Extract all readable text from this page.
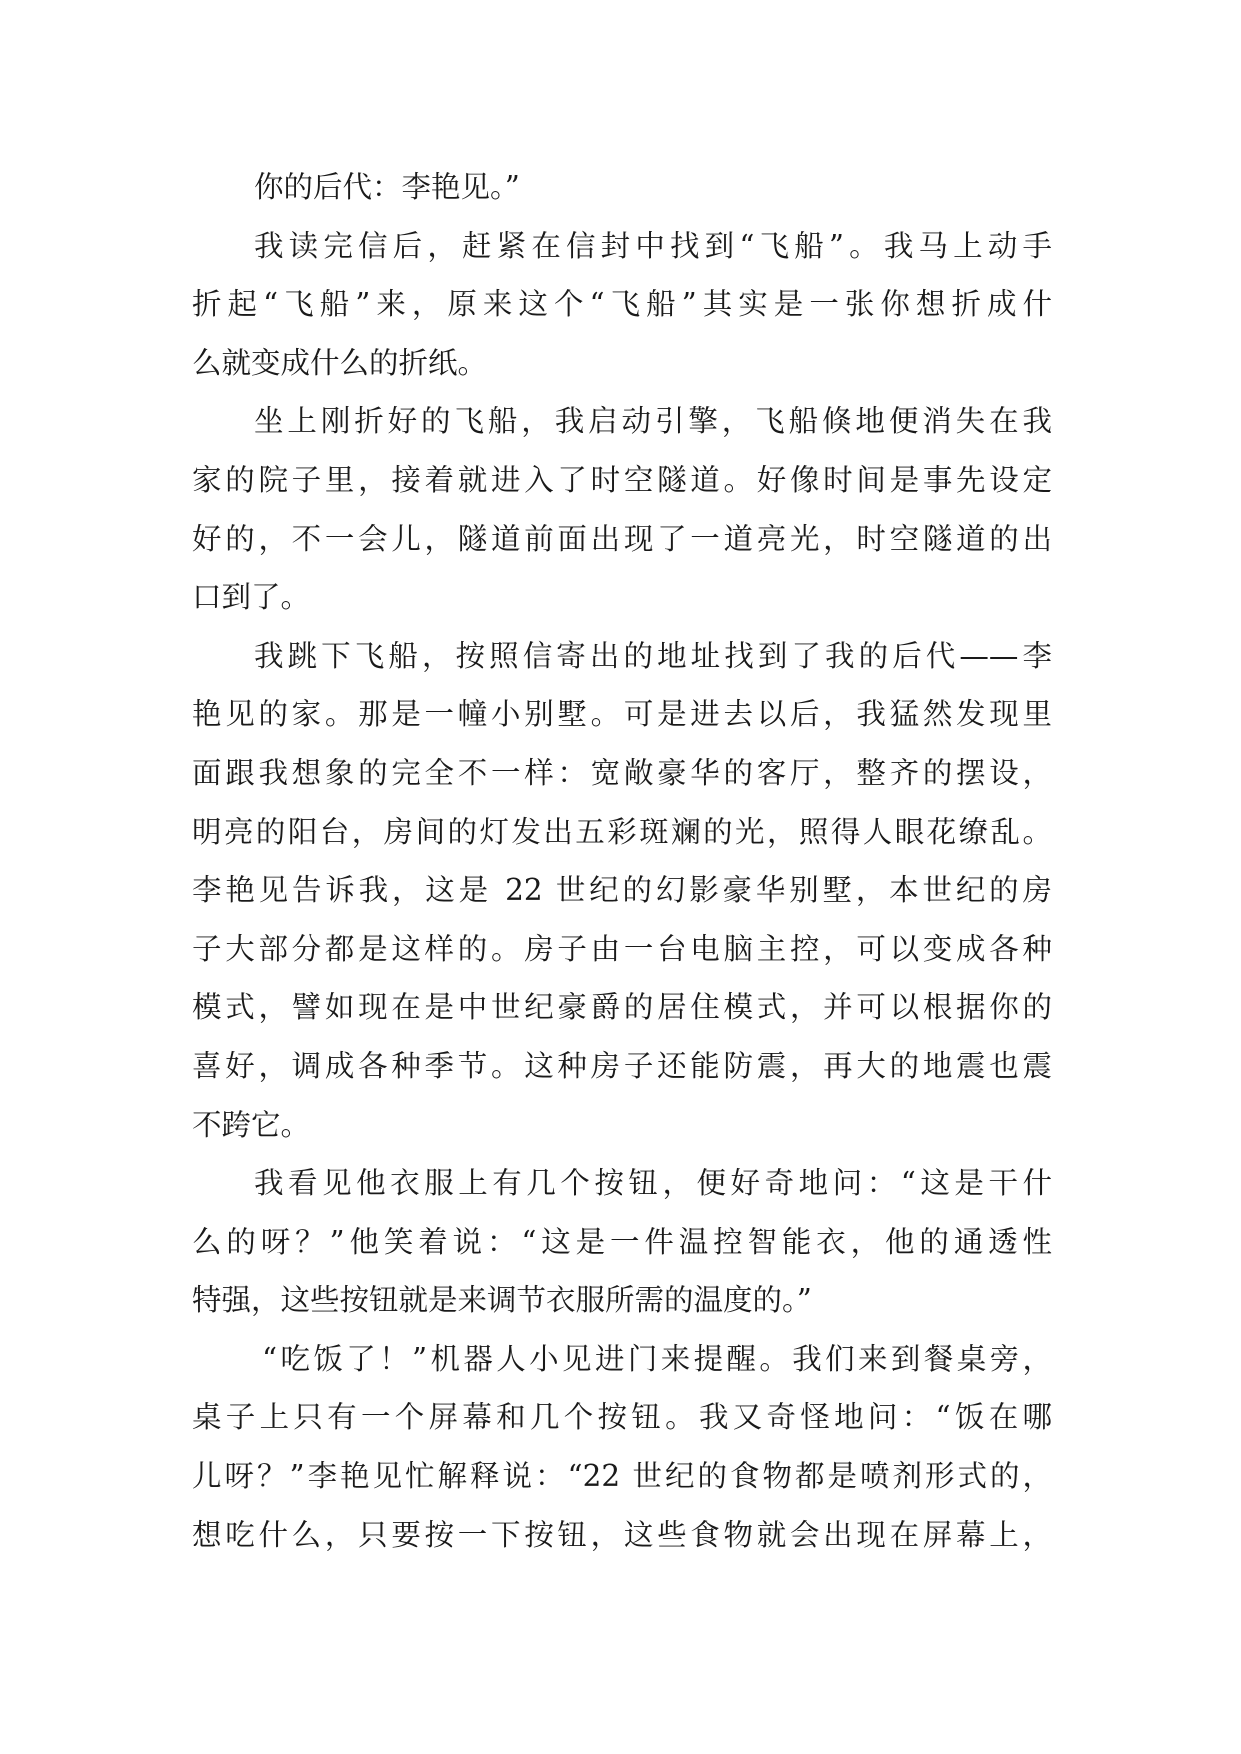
你的后代：李艳见。”
我读完信后，赶紧在信封中找到“飞船”。我马上动手
折起“飞船”来，原来这个“飞船”其实是一张你想折成什
么就变成什么的折纸。
坐上刚折好的飞船，我启动引擎，飞船倏地便消失在我
家的院子里，接着就进入了时空隧道。好像时间是事先设定
好的，不一会儿，隧道前面出现了一道亮光，时空隧道的出
口到了。
我跳下飞船，按照信寄出的地址找到了我的后代——李
艳见的家。那是一幢小别墅。可是进去以后，我猛然发现里
面跟我想象的完全不一样：宽敞豪华的客厅，整齐的摆设，
明亮的阳台，房间的灯发出五彩斑斓的光，照得人眼花缭乱。
李艳见告诉我，这是 22 世纪的幻影豪华别墅，本世纪的房
子大部分都是这样的。房子由一台电脑主控，可以变成各种
模式，譬如现在是中世纪豪爵的居住模式，并可以根据你的
喜好，调成各种季节。这种房子还能防震，再大的地震也震
不跨它。
我看见他衣服上有几个按钮，便好奇地问：“这是干什
么的呀？”他笑着说：“这是一件温控智能衣，他的通透性
特强，这些按钮就是来调节衣服所需的温度的。”
“吃饭了！”机器人小见进门来提醒。我们来到餐桌旁，
桌子上只有一个屏幕和几个按钮。我又奇怪地问：“饭在哪
儿呀？”李艳见忙解释说：“22 世纪的食物都是喷剂形式的，
想吃什么，只要按一下按钮，这些食物就会出现在屏幕上，
